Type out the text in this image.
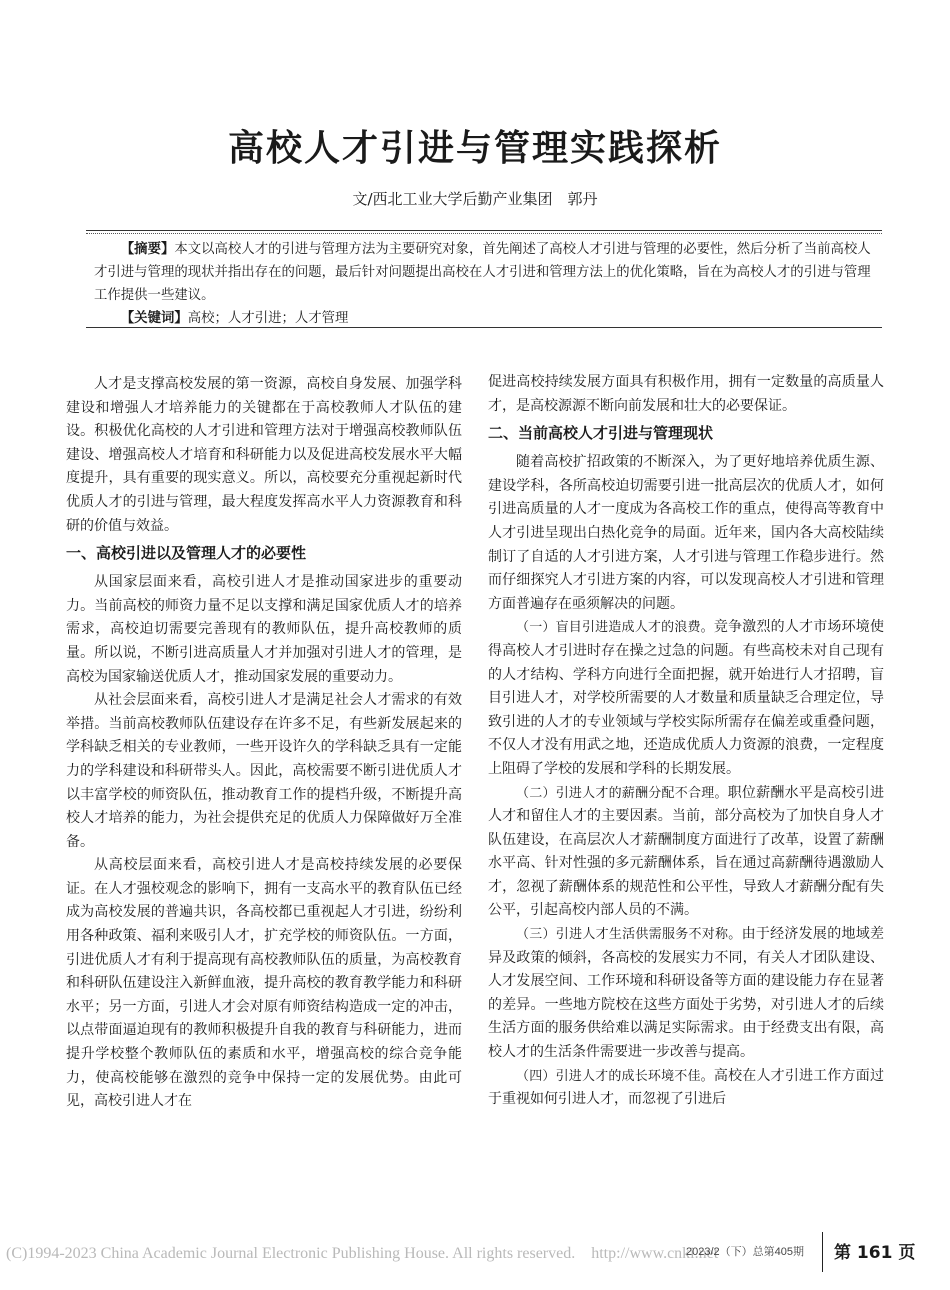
高校人才引进与管理实践探析
文/西北工业大学后勤产业集团　郭丹

【摘要】本文以高校人才的引进与管理方法为主要研究对象，首先阐述了高校人才引进与管理的必要性，然后分析了当前高校人才引进与管理的现状并指出存在的问题，最后针对问题提出高校在人才引进和管理方法上的优化策略，旨在为高校人才的引进与管理工作提供一些建议。

【关键词】高校；人才引进；人才管理

人才是支撑高校发展的第一资源，高校自身发展、加强学科建设和增强人才培养能力的关键都在于高校教师人才队伍的建设。积极优化高校的人才引进和管理方法对于增强高校教师队伍建设、增强高校人才培育和科研能力以及促进高校发展水平大幅度提升，具有重要的现实意义。所以，高校要充分重视起新时代优质人才的引进与管理，最大程度发挥高水平人力资源教育和科研的价值与效益。

一、高校引进以及管理人才的必要性

从国家层面来看，高校引进人才是推动国家进步的重要动力。当前高校的师资力量不足以支撑和满足国家优质人才的培养需求，高校迫切需要完善现有的教师队伍，提升高校教师的质量。所以说，不断引进高质量人才并加强对引进人才的管理，是高校为国家输送优质人才，推动国家发展的重要动力。

从社会层面来看，高校引进人才是满足社会人才需求的有效举措。当前高校教师队伍建设存在许多不足，有些新发展起来的学科缺乏相关的专业教师，一些开设许久的学科缺乏具有一定能力的学科建设和科研带头人。因此，高校需要不断引进优质人才以丰富学校的师资队伍，推动教育工作的提档升级，不断提升高校人才培养的能力，为社会提供充足的优质人力保障做好万全准备。

从高校层面来看，高校引进人才是高校持续发展的必要保证。在人才强校观念的影响下，拥有一支高水平的教育队伍已经成为高校发展的普遍共识，各高校都已重视起人才引进，纷纷利用各种政策、福利来吸引人才，扩充学校的师资队伍。一方面，引进优质人才有利于提高现有高校教师队伍的质量，为高校教育和科研队伍建设注入新鲜血液，提升高校的教育教学能力和科研水平；另一方面，引进人才会对原有师资结构造成一定的冲击，以点带面逼迫现有的教师积极提升自我的教育与科研能力，进而提升学校整个教师队伍的素质和水平，增强高校的综合竞争能力，使高校能够在激烈的竞争中保持一定的发展优势。由此可见，高校引进人才在

促进高校持续发展方面具有积极作用，拥有一定数量的高质量人才，是高校源源不断向前发展和壮大的必要保证。

二、当前高校人才引进与管理现状

随着高校扩招政策的不断深入，为了更好地培养优质生源、建设学科，各所高校迫切需要引进一批高层次的优质人才，如何引进高质量的人才一度成为各高校工作的重点，使得高等教育中人才引进呈现出白热化竞争的局面。近年来，国内各大高校陆续制订了自适的人才引进方案，人才引进与管理工作稳步进行。然而仔细探究人才引进方案的内容，可以发现高校人才引进和管理方面普遍存在亟须解决的问题。

（一）盲目引进造成人才的浪费。竞争激烈的人才市场环境使得高校人才引进时存在操之过急的问题。有些高校未对自己现有的人才结构、学科方向进行全面把握，就开始进行人才招聘，盲目引进人才，对学校所需要的人才数量和质量缺乏合理定位，导致引进的人才的专业领域与学校实际所需存在偏差或重叠问题，不仅人才没有用武之地，还造成优质人力资源的浪费，一定程度上阻碍了学校的发展和学科的长期发展。

（二）引进人才的薪酬分配不合理。职位薪酬水平是高校引进人才和留住人才的主要因素。当前，部分高校为了加快自身人才队伍建设，在高层次人才薪酬制度方面进行了改革，设置了薪酬水平高、针对性强的多元薪酬体系，旨在通过高薪酬待遇激励人才，忽视了薪酬体系的规范性和公平性，导致人才薪酬分配有失公平，引起高校内部人员的不满。

（三）引进人才生活供需服务不对称。由于经济发展的地域差异及政策的倾斜，各高校的发展实力不同，有关人才团队建设、人才发展空间、工作环境和科研设备等方面的建设能力存在显著的差异。一些地方院校在这些方面处于劣势，对引进人才的后续生活方面的服务供给难以满足实际需求。由于经费支出有限，高校人才的生活条件需要进一步改善与提高。

（四）引进人才的成长环境不佳。高校在人才引进工作方面过于重视如何引进人才，而忽视了引进后

(C)1994-2023 China Academic Journal Electronic Publishing House. All rights reserved.　http://www.cnki.net
2023/2（下）总第405期 第 161 页
